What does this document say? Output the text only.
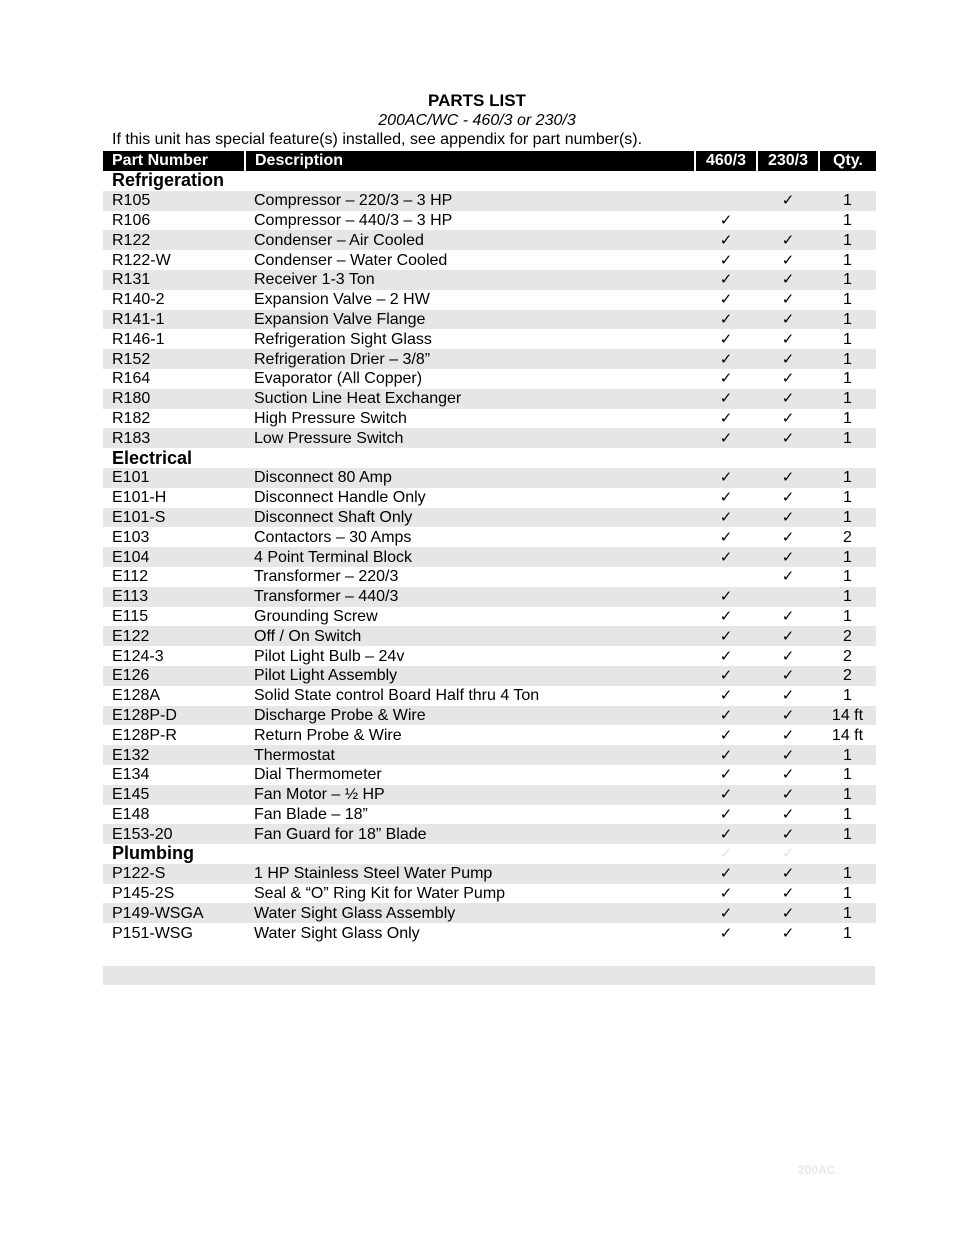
PARTS LIST
200AC/WC - 460/3 or 230/3
If this unit has special feature(s) installed, see appendix for part number(s).
Part Number	Description	460/3	230/3	Qty.
Refrigeration				
R105	Compressor – 220/3 – 3 HP		✓	1
R106	Compressor – 440/3 – 3 HP	✓		1
R122	Condenser – Air Cooled	✓	✓	1
R122-W	Condenser – Water Cooled	✓	✓	1
R131	Receiver 1-3 Ton	✓	✓	1
R140-2	Expansion Valve – 2 HW	✓	✓	1
R141-1	Expansion Valve Flange	✓	✓	1
R146-1	Refrigeration Sight Glass	✓	✓	1
R152	Refrigeration Drier – 3/8”	✓	✓	1
R164	Evaporator (All Copper)	✓	✓	1
R180	Suction Line Heat Exchanger	✓	✓	1
R182	High Pressure Switch	✓	✓	1
R183	Low Pressure Switch	✓	✓	1
Electrical				
E101	Disconnect 80 Amp	✓	✓	1
E101-H	Disconnect Handle Only	✓	✓	1
E101-S	Disconnect Shaft Only	✓	✓	1
E103	Contactors – 30 Amps	✓	✓	2
E104	4 Point Terminal Block	✓	✓	1
E112	Transformer – 220/3		✓	1
E113	Transformer – 440/3	✓		1
E115	Grounding Screw	✓	✓	1
E122	Off / On Switch	✓	✓	2
E124-3	Pilot Light Bulb – 24v	✓	✓	2
E126	Pilot Light Assembly	✓	✓	2
E128A	Solid State control Board Half thru 4 Ton	✓	✓	1
E128P-D	Discharge Probe & Wire	✓	✓	14 ft
E128P-R	Return Probe & Wire	✓	✓	14 ft
E132	Thermostat	✓	✓	1
E134	Dial Thermometer	✓	✓	1
E145	Fan Motor – ½ HP	✓	✓	1
E148	Fan Blade – 18”	✓	✓	1
E153-20	Fan Guard for 18” Blade	✓	✓	1
Plumbing		✓	✓	
P122-S	1 HP Stainless Steel Water Pump	✓	✓	1
P145-2S	Seal & “O” Ring Kit for Water Pump	✓	✓	1
P149-WSGA	Water Sight Glass Assembly	✓	✓	1
P151-WSG	Water Sight Glass Only	✓	✓	1
200AC
